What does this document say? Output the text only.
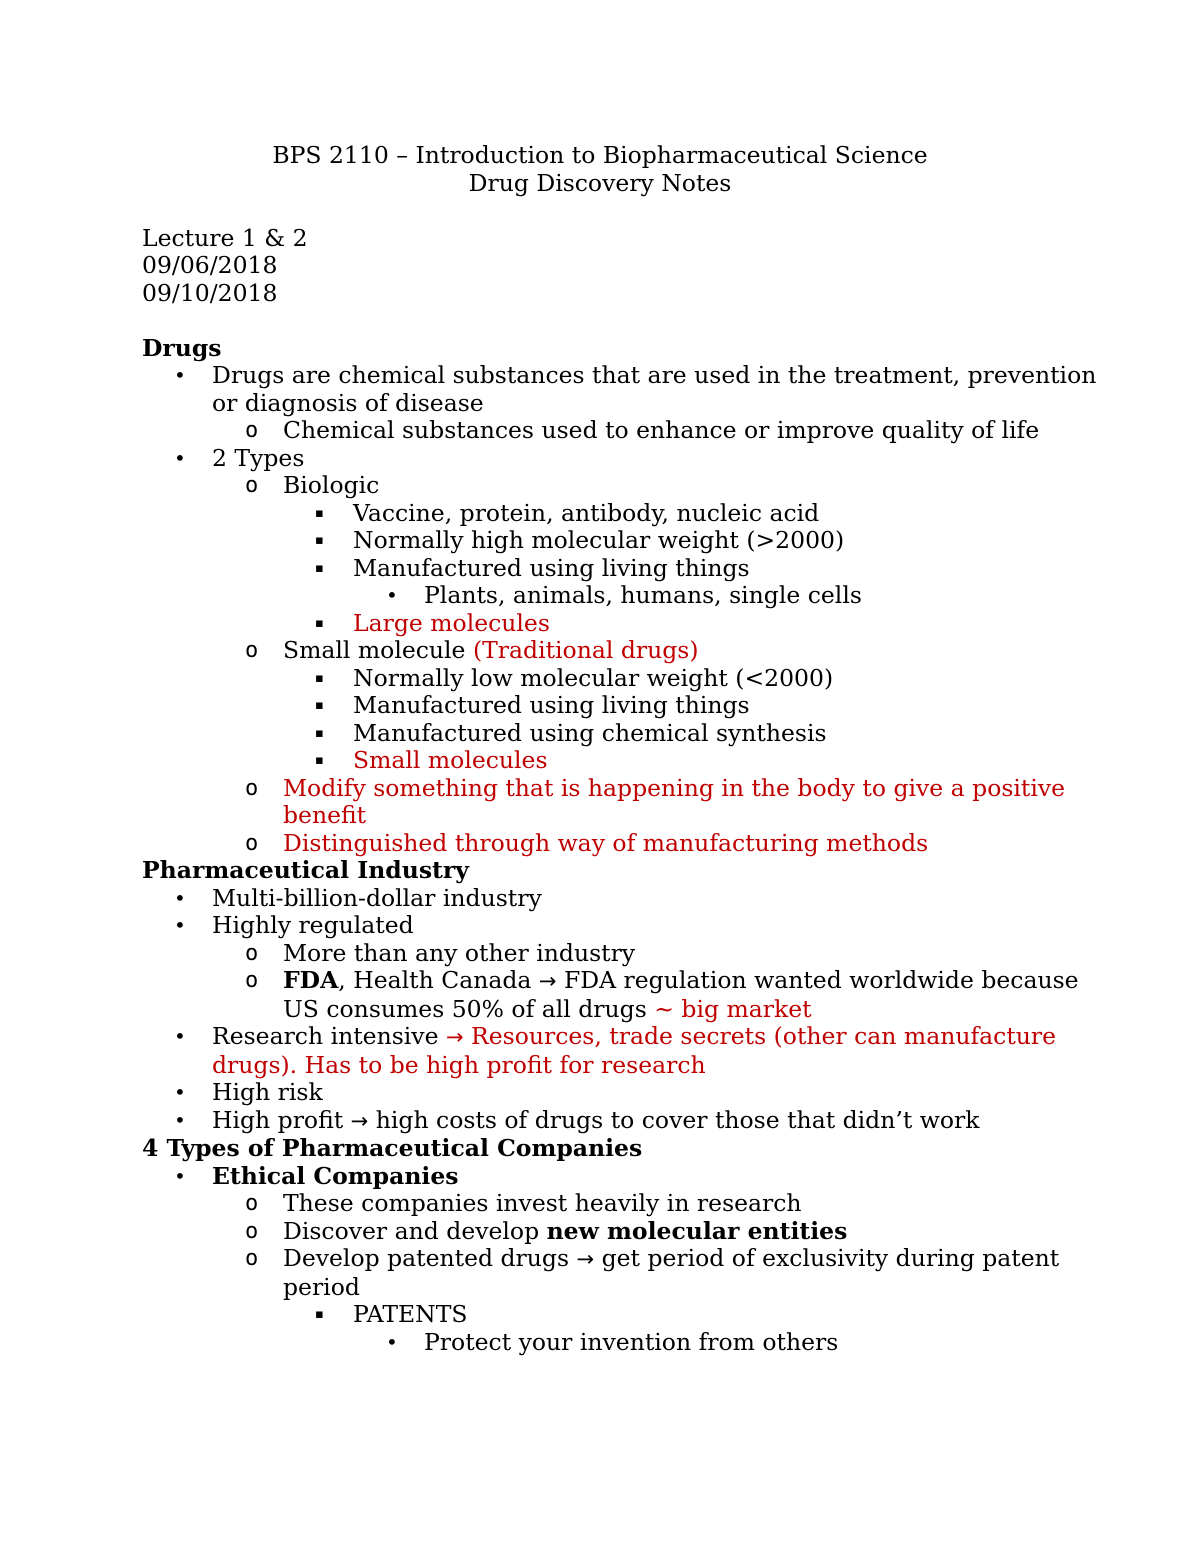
BPS 2110 – Introduction to Biopharmaceutical Science
Drug Discovery Notes
Lecture 1 & 2
09/06/2018
09/10/2018
Drugs
• Drugs are chemical substances that are used in the treatment, prevention or diagnosis of disease
o Chemical substances used to enhance or improve quality of life
• 2 Types
o Biologic
▪ Vaccine, protein, antibody, nucleic acid
▪ Normally high molecular weight (>2000)
▪ Manufactured using living things
• Plants, animals, humans, single cells
▪ Large molecules
o Small molecule (Traditional drugs)
▪ Normally low molecular weight (<2000)
▪ Manufactured using living things
▪ Manufactured using chemical synthesis
▪ Small molecules
o Modify something that is happening in the body to give a positive benefit
o Distinguished through way of manufacturing methods
Pharmaceutical Industry
• Multi-billion-dollar industry
• Highly regulated
o More than any other industry
o FDA, Health Canada → FDA regulation wanted worldwide because US consumes 50% of all drugs ~ big market
• Research intensive → Resources, trade secrets (other can manufacture drugs). Has to be high profit for research
• High risk
• High profit → high costs of drugs to cover those that didn’t work
4 Types of Pharmaceutical Companies
• Ethical Companies
o These companies invest heavily in research
o Discover and develop new molecular entities
o Develop patented drugs → get period of exclusivity during patent period
▪ PATENTS
• Protect your invention from others
